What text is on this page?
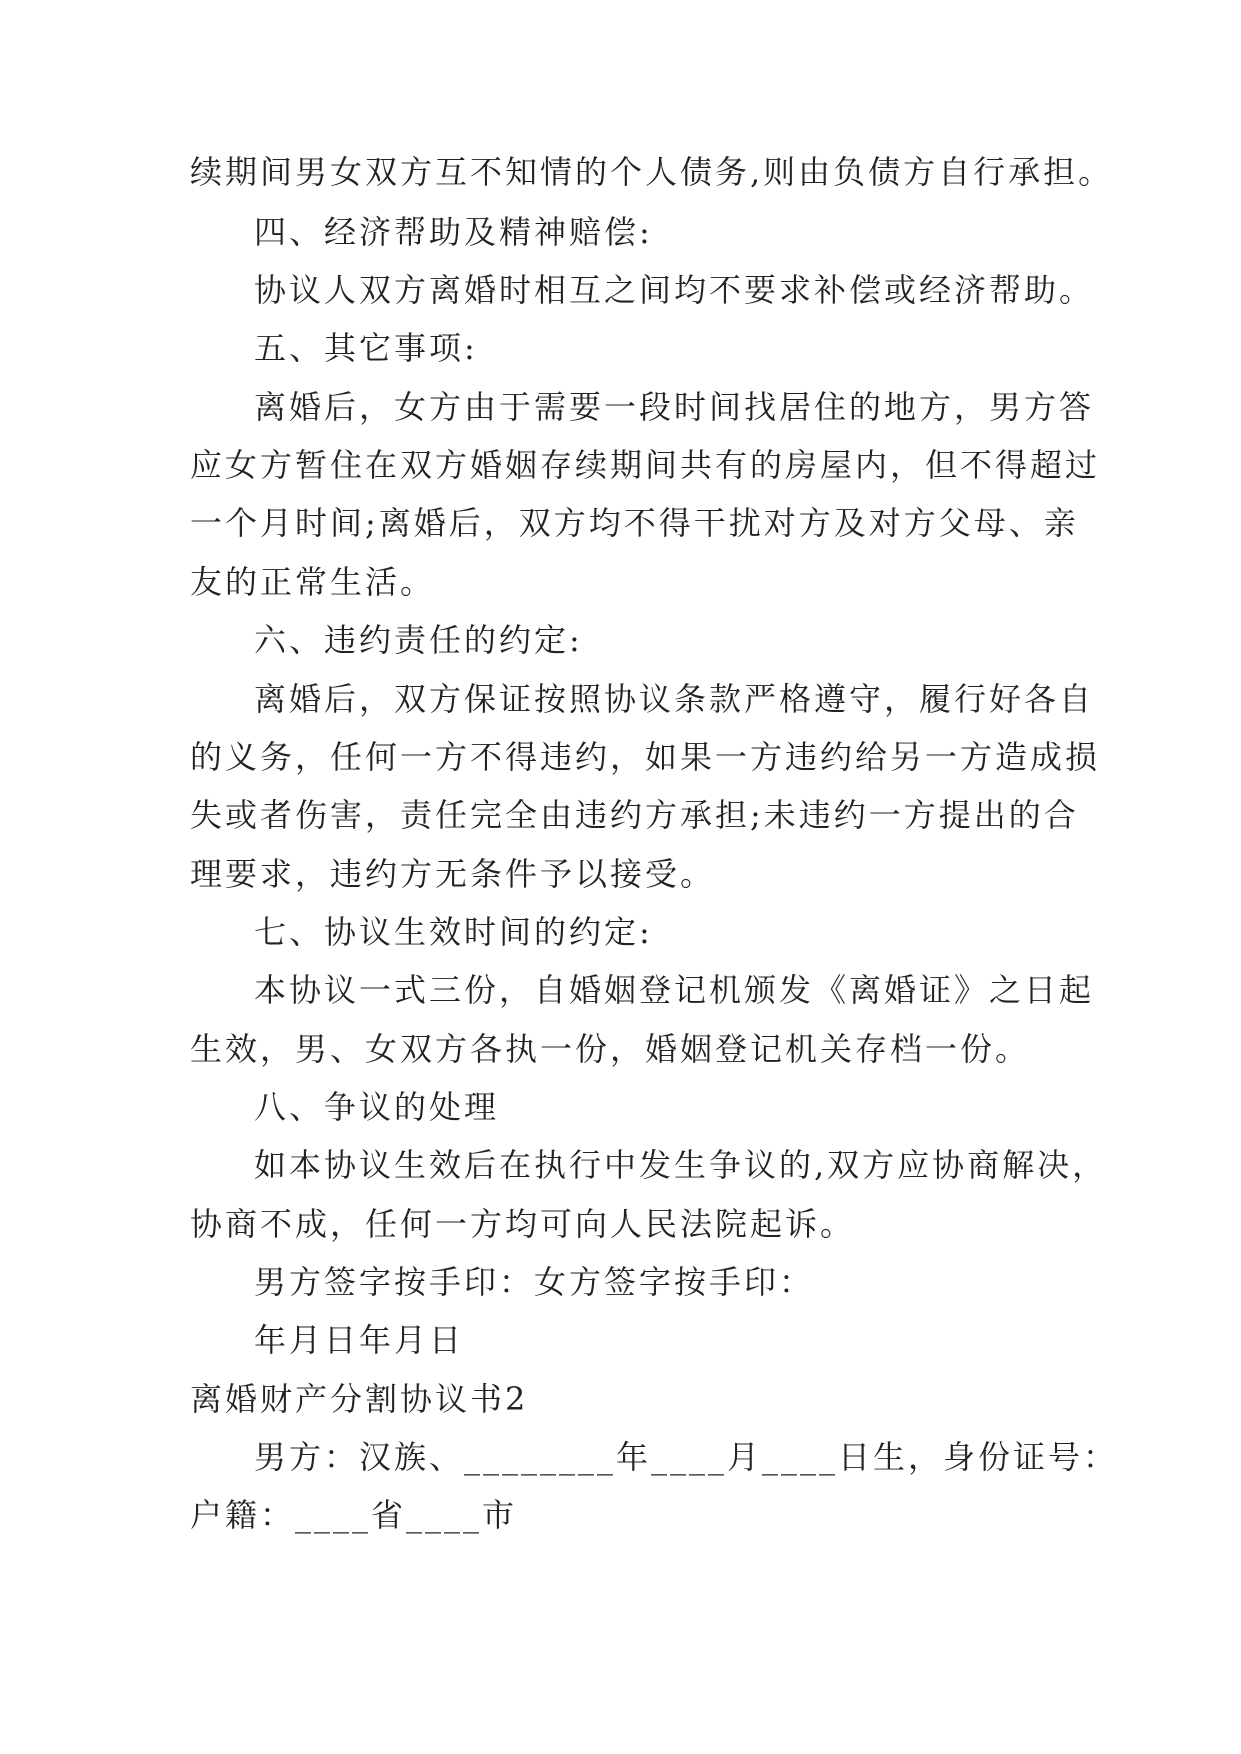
续期间男女双方互不知情的个人债务,则由负债方自行承担。

四、经济帮助及精神赔偿:

协议人双方离婚时相互之间均不要求补偿或经济帮助。

五、其它事项:

离婚后，女方由于需要一段时间找居住的地方，男方答

应女方暂住在双方婚姻存续期间共有的房屋内，但不得超过

一个月时间;离婚后，双方均不得干扰对方及对方父母、亲

友的正常生活。

六、违约责任的约定:

离婚后，双方保证按照协议条款严格遵守，履行好各自

的义务，任何一方不得违约，如果一方违约给另一方造成损

失或者伤害，责任完全由违约方承担;未违约一方提出的合

理要求，违约方无条件予以接受。

七、协议生效时间的约定:

本协议一式三份，自婚姻登记机颁发《离婚证》之日起

生效，男、女双方各执一份，婚姻登记机关存档一份。

八、争议的处理

如本协议生效后在执行中发生争议的,双方应协商解决，

协商不成，任何一方均可向人民法院起诉。

男方签字按手印：女方签字按手印：

年月日年月日

离婚财产分割协议书2

男方：汉族、________年____月____日生，身份证号：

户籍：____省____市
